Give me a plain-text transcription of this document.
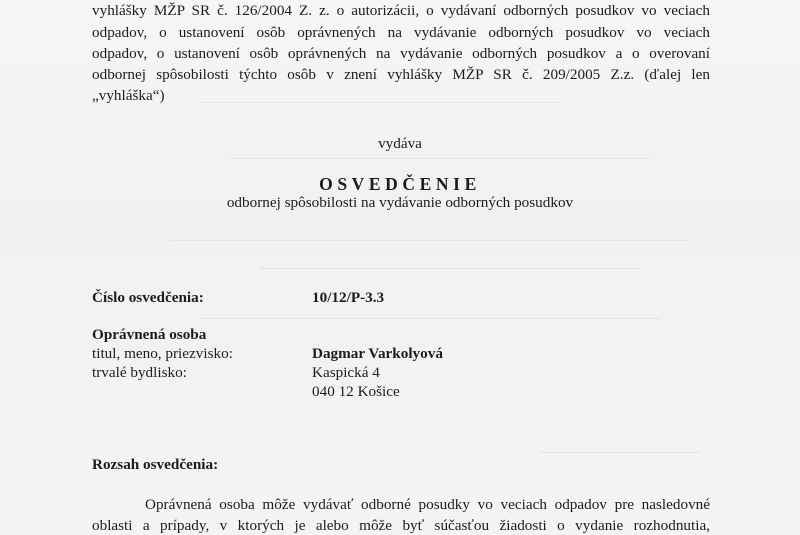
vyhlášky MŽP SR č. 126/2004 Z. z. o autorizácii, o vydávaní odborných posudkov vo veciach
odpadov, o ustanovení osôb oprávnených na vydávanie odborných posudkov vo veciach
odpadov, o ustanovení osôb oprávnených na vydávanie odborných posudkov a o overovaní
odbornej spôsobilosti týchto osôb v znení vyhlášky MŽP SR č. 209/2005 Z.z. (ďalej len
„vyhláška“)
vydáva
OSVEDČENIE
odbornej spôsobilosti na vydávanie odborných posudkov
Číslo osvedčenia:	10/12/P-3.3
Oprávnená osoba
titul, meno, priezvisko:	Dagmar Varkolyová
trvalé bydlisko:	Kaspická 4
040 12 Košice
Rozsah osvedčenia:
Oprávnená osoba môže vydávať odborné posudky vo veciach odpadov pre nasledovné
oblasti a prípady, v ktorých je alebo môže byť súčasťou žiadosti o vydanie rozhodnutia,
